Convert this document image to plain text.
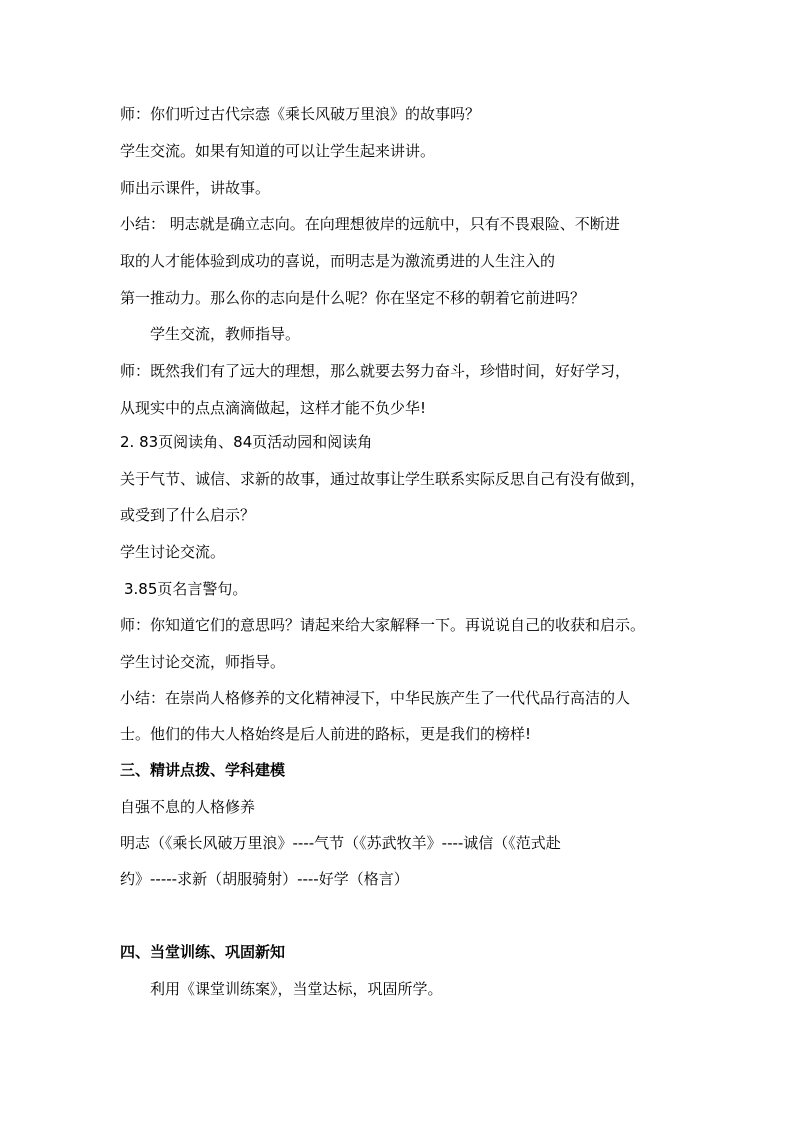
师：你们听过古代宗悫《乘长风破万里浪》的故事吗？
学生交流。如果有知道的可以让学生起来讲讲。
师出示课件，讲故事。
小结： 明志就是确立志向。在向理想彼岸的远航中，只有不畏艰险、不断进
取的人才能体验到成功的喜说，而明志是为激流勇进的人生注入的
第一推动力。那么你的志向是什么呢？你在坚定不移的朝着它前进吗？
学生交流，教师指导。
师：既然我们有了远大的理想，那么就要去努力奋斗，珍惜时间，好好学习，
从现实中的点点滴滴做起，这样才能不负少华!
2. 83页阅读角、84页活动园和阅读角
关于气节、诚信、求新的故事，通过故事让学生联系实际反思自己有没有做到，
或受到了什么启示？
学生讨论交流。
3.85页名言警句。
师：你知道它们的意思吗？请起来给大家解释一下。再说说自己的收获和启示。
学生讨论交流，师指导。
小结：在崇尚人格修养的文化精神浸下，中华民族产生了一代代品行高洁的人
士。他们的伟大人格始终是后人前进的路标，更是我们的榜样!
三、精讲点拨、学科建模
自强不息的人格修养
明志（《乘长风破万里浪》----气节（《苏武牧羊》----诚信（《范式赴
约》-----求新（胡服骑射）----好学（格言）
四、当堂训练、巩固新知
利用《课堂训练案》，当堂达标，巩固所学。
